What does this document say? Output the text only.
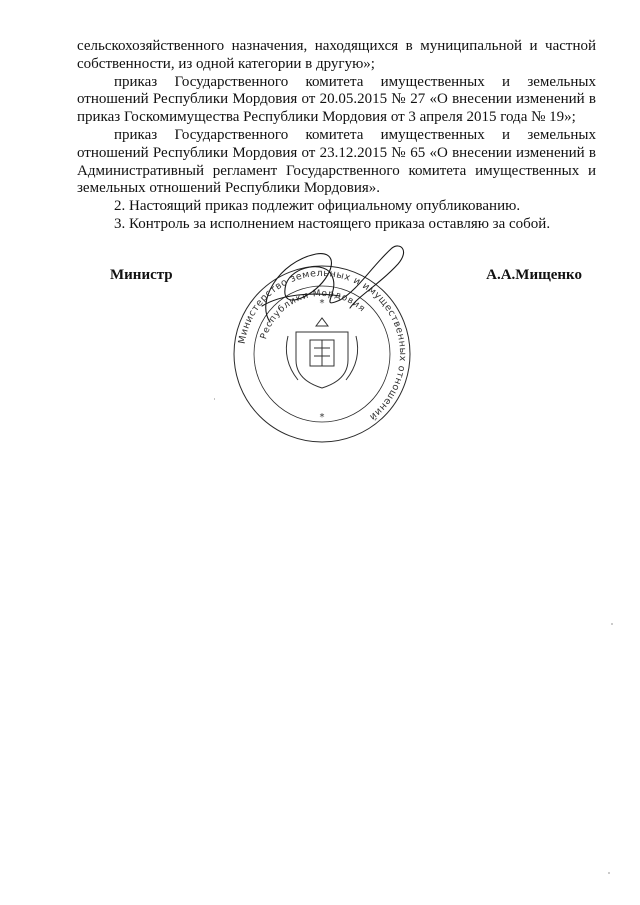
сельскохозяйственного назначения, находящихся в муниципальной и частной собственности, из одной категории в другую»;

приказ Государственного комитета имущественных и земельных отношений Республики Мордовия от 20.05.2015 № 27 «О внесении изменений в приказ Госкомимущества Республики Мордовия от 3 апреля 2015 года № 19»;

приказ Государственного комитета имущественных и земельных отношений Республики Мордовия от 23.12.2015 № 65 «О внесении изменений в Административный регламент Государственного комитета имущественных и земельных отношений Республики Мордовия».

2. Настоящий приказ подлежит официальному опубликованию.

3. Контроль за исполнением настоящего приказа оставляю за собой.

Министр	А.А.Мищенко
Министерство земельных и имущественных отношений
Республики Мордовия
*
*
